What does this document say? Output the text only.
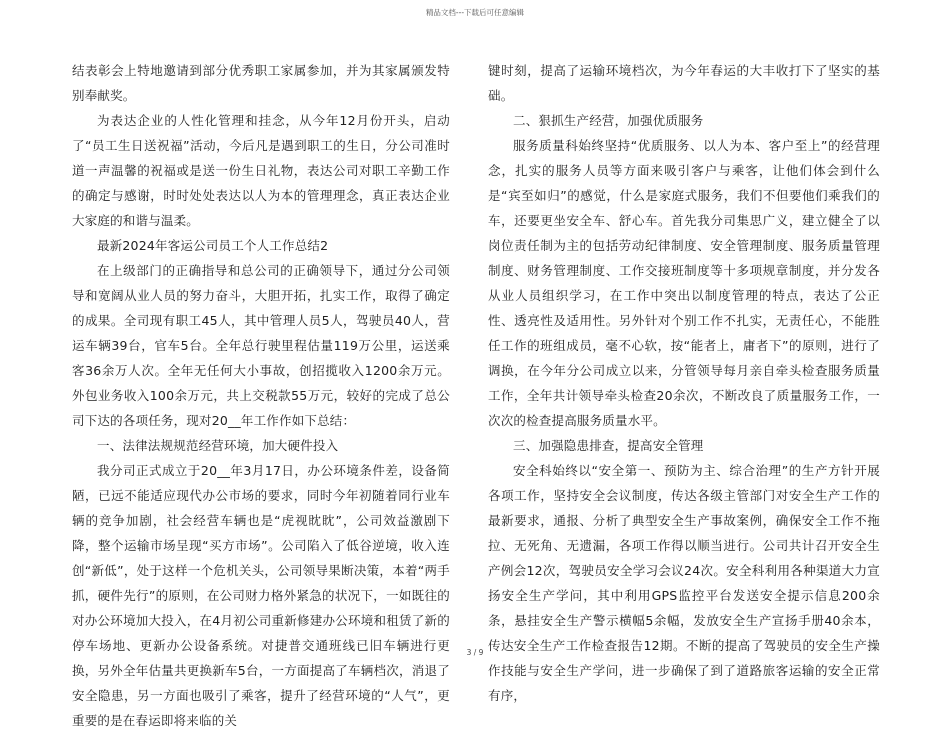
精品文档---下载后可任意编辑

结表彰会上特地邀请到部分优秀职工家属参加，并为其家属颁发特别奉献奖。

为表达企业的人性化管理和挂念，从今年12月份开头，启动了“员工生日送祝福”活动，今后凡是遇到职工的生日，分公司准时道一声温馨的祝福或是送一份生日礼物，表达公司对职工辛勤工作的确定与感谢，时时处处表达以人为本的管理理念，真正表达企业大家庭的和谐与温柔。

最新2024年客运公司员工个人工作总结2

在上级部门的正确指导和总公司的正确领导下，通过分公司领导和宽阔从业人员的努力奋斗，大胆开拓，扎实工作，取得了确定的成果。全司现有职工45人，其中管理人员5人，驾驶员40人，营运车辆39台，官车5台。全年总行驶里程估量119万公里，运送乘客36余万人次。全年无任何大小事故，创招揽收入1200余万元。外包业务收入100余万元，共上交税款55万元，较好的完成了总公司下达的各项任务，现对20__年工作作如下总结：

一、法律法规规范经营环境，加大硬件投入

我分司正式成立于20__年3月17日，办公环境条件差，设备简陋，已远不能适应现代办公市场的要求，同时今年初随着同行业车辆的竞争加剧，社会经营车辆也是“虎视眈眈”，公司效益激剧下降，整个运输市场呈现“买方市场”。公司陷入了低谷逆境，收入连创“新低”，处于这样一个危机关头，公司领导果断决策，本着“两手抓，硬件先行”的原则，在公司财力格外紧急的状况下，一如既往的对办公环境加大投入，在4月初公司重新修建办公环境和租赁了新的停车场地、更新办公设备系统。对捷普交通班线已旧车辆进行更换，另外全年估量共更换新车5台，一方面提高了车辆档次，消退了安全隐患，另一方面也吸引了乘客，提升了经营环境的“人气”，更重要的是在春运即将来临的关

键时刻，提高了运输环境档次，为今年春运的大丰收打下了坚实的基础。

二、狠抓生产经营，加强优质服务

服务质量科始终坚持“优质服务、以人为本、客户至上”的经营理念，扎实的服务人员等方面来吸引客户与乘客，让他们体会到什么是“宾至如归”的感觉，什么是家庭式服务，我们不但要他们乘我们的车，还要更坐安全车、舒心车。首先我分司集思广义，建立健全了以岗位责任制为主的包括劳动纪律制度、安全管理制度、服务质量管理制度、财务管理制度、工作交接班制度等十多项规章制度，并分发各从业人员组织学习，在工作中突出以制度管理的特点，表达了公正性、透亮性及适用性。另外针对个别工作不扎实，无责任心，不能胜任工作的班组成员，毫不心软，按“能者上，庸者下”的原则，进行了调换，在今年分公司成立以来，分管领导每月亲自牵头检查服务质量工作，全年共计领导牵头检查20余次，不断改良了质量服务工作，一次次的检查提高服务质量水平。

三、加强隐患排查，提高安全管理

安全科始终以“安全第一、预防为主、综合治理”的生产方针开展各项工作，坚持安全会议制度，传达各级主管部门对安全生产工作的最新要求，通报、分析了典型安全生产事故案例，确保安全工作不拖拉、无死角、无遗漏，各项工作得以顺当进行。公司共计召开安全生产例会12次，驾驶员安全学习会议24次。安全科利用各种渠道大力宣扬安全生产学问，其中利用GPS监控平台发送安全提示信息200余条，悬挂安全生产警示横幅5余幅，发放安全生产宣扬手册40余本，传达安全生产工作检查报告12期。不断的提高了驾驶员的安全生产操作技能与安全生产学问，进一步确保了到了道路旅客运输的安全正常有序，

3 / 9
